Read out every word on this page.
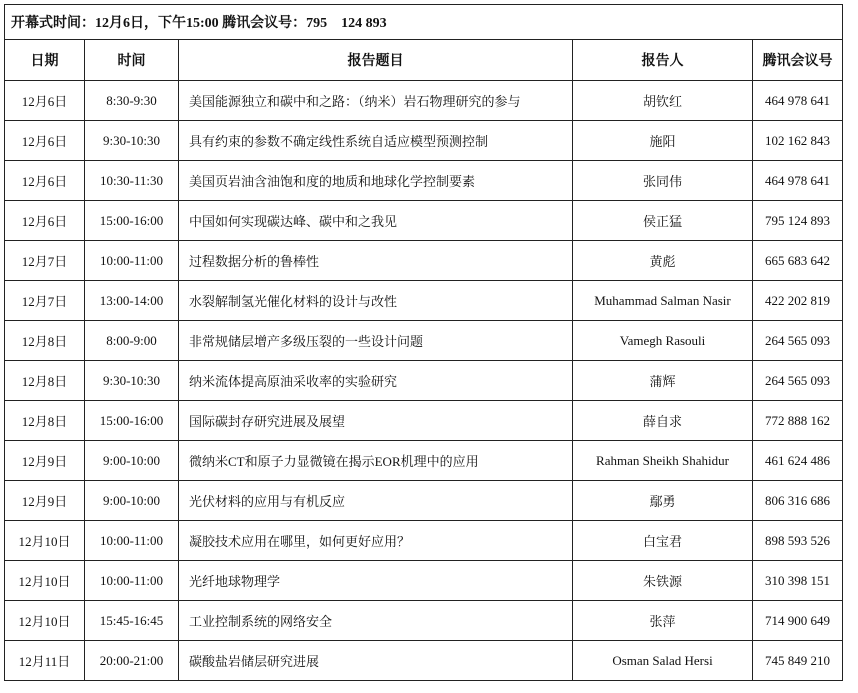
开幕式时间：12月6日，下午15:00 腾讯会议号：795　124 893				
日期	时间	报告题目	报告人	腾讯会议号
12月6日	8:30-9:30	美国能源独立和碳中和之路：（纳米）岩石物理研究的参与	胡钦红	464 978 641
12月6日	9:30-10:30	具有约束的参数不确定线性系统自适应模型预测控制	施阳	102 162 843
12月6日	10:30-11:30	美国页岩油含油饱和度的地质和地球化学控制要素	张同伟	464 978 641
12月6日	15:00-16:00	中国如何实现碳达峰、碳中和之我见	侯正猛	795 124 893
12月7日	10:00-11:00	过程数据分析的鲁棒性	黄彪	665 683 642
12月7日	13:00-14:00	水裂解制氢光催化材料的设计与改性	Muhammad Salman Nasir	422 202 819
12月8日	8:00-9:00	非常规储层增产多级压裂的一些设计问题	Vamegh Rasouli	264 565 093
12月8日	9:30-10:30	纳米流体提高原油采收率的实验研究	蒲辉	264 565 093
12月8日	15:00-16:00	国际碳封存研究进展及展望	薛自求	772 888 162
12月9日	9:00-10:00	微纳米CT和原子力显微镜在揭示EOR机理中的应用	Rahman Sheikh Shahidur	461 624 486
12月9日	9:00-10:00	光伏材料的应用与有机反应	鄢勇	806 316 686
12月10日	10:00-11:00	凝胶技术应用在哪里，如何更好应用？	白宝君	898 593 526
12月10日	10:00-11:00	光纤地球物理学	朱铁源	310 398 151
12月10日	15:45-16:45	工业控制系统的网络安全	张萍	714 900 649
12月11日	20:00-21:00	碳酸盐岩储层研究进展	Osman Salad Hersi	745 849 210
